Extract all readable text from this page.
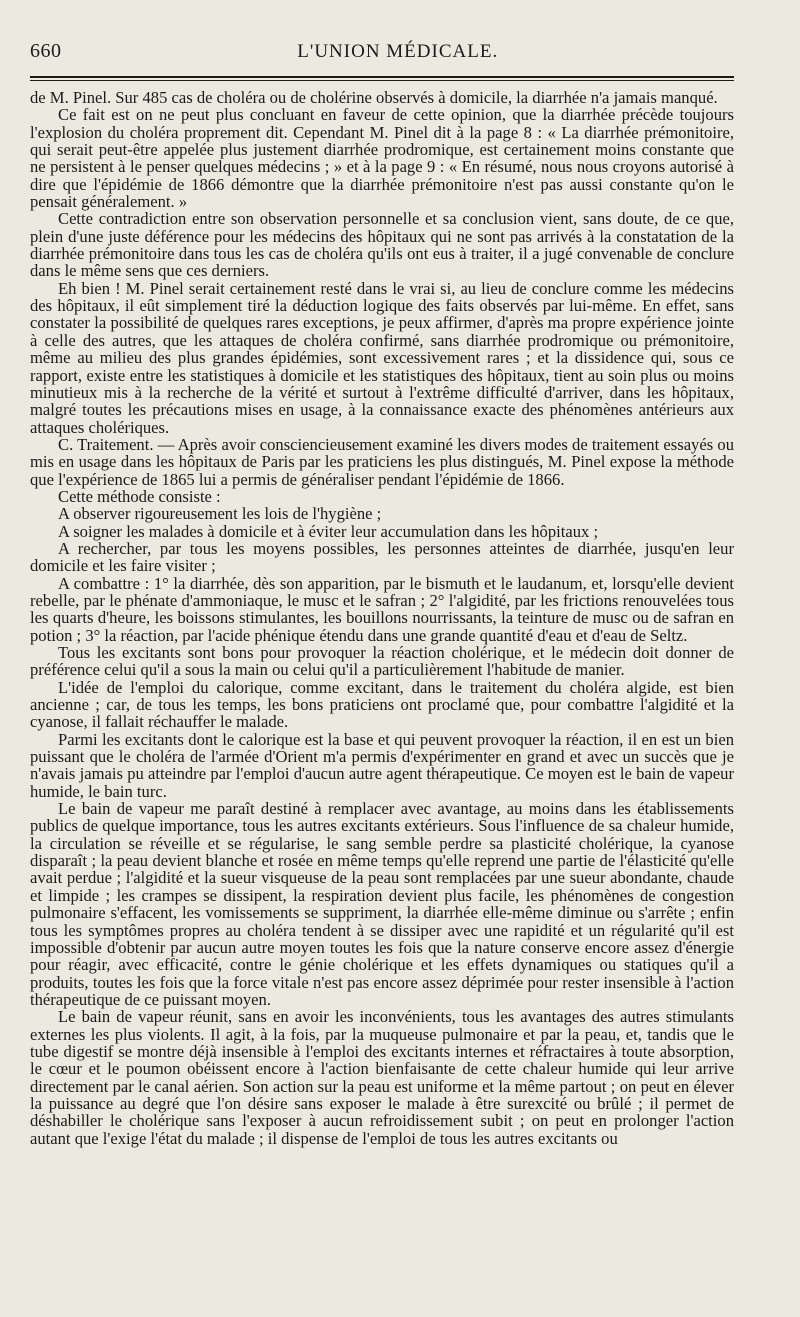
660	L'UNION MÉDICALE.

de M. Pinel. Sur 485 cas de choléra ou de cholérine observés à domicile, la diarrhée n'a jamais manqué.

Ce fait est on ne peut plus concluant en faveur de cette opinion, que la diarrhée précède toujours l'explosion du choléra proprement dit. Cependant M. Pinel dit à la page 8 : « La diarrhée prémonitoire, qui serait peut-être appelée plus justement diarrhée prodromique, est certainement moins constante que ne persistent à le penser quelques médecins ; » et à la page 9 : « En résumé, nous nous croyons autorisé à dire que l'épidémie de 1866 démontre que la diarrhée prémonitoire n'est pas aussi constante qu'on le pensait généralement. »

Cette contradiction entre son observation personnelle et sa conclusion vient, sans doute, de ce que, plein d'une juste déférence pour les médecins des hôpitaux qui ne sont pas arrivés à la constatation de la diarrhée prémonitoire dans tous les cas de choléra qu'ils ont eus à traiter, il a jugé convenable de conclure dans le même sens que ces derniers.

Eh bien ! M. Pinel serait certainement resté dans le vrai si, au lieu de conclure comme les médecins des hôpitaux, il eût simplement tiré la déduction logique des faits observés par lui-même. En effet, sans constater la possibilité de quelques rares exceptions, je peux affirmer, d'après ma propre expérience jointe à celle des autres, que les attaques de choléra confirmé, sans diarrhée prodromique ou prémonitoire, même au milieu des plus grandes épidémies, sont excessivement rares ; et la dissidence qui, sous ce rapport, existe entre les statistiques à domicile et les statistiques des hôpitaux, tient au soin plus ou moins minutieux mis à la recherche de la vérité et surtout à l'extrême difficulté d'arriver, dans les hôpitaux, malgré toutes les précautions mises en usage, à la connaissance exacte des phénomènes antérieurs aux attaques cholériques.

C. Traitement. — Après avoir consciencieusement examiné les divers modes de traitement essayés ou mis en usage dans les hôpitaux de Paris par les praticiens les plus distingués, M. Pinel expose la méthode que l'expérience de 1865 lui a permis de généraliser pendant l'épidémie de 1866.

Cette méthode consiste :

A observer rigoureusement les lois de l'hygiène ;

A soigner les malades à domicile et à éviter leur accumulation dans les hôpitaux ;

A rechercher, par tous les moyens possibles, les personnes atteintes de diarrhée, jusqu'en leur domicile et les faire visiter ;

A combattre : 1° la diarrhée, dès son apparition, par le bismuth et le laudanum, et, lorsqu'elle devient rebelle, par le phénate d'ammoniaque, le musc et le safran ; 2° l'algidité, par les frictions renouvelées tous les quarts d'heure, les boissons stimulantes, les bouillons nourrissants, la teinture de musc ou de safran en potion ; 3° la réaction, par l'acide phénique étendu dans une grande quantité d'eau et d'eau de Seltz.

Tous les excitants sont bons pour provoquer la réaction cholérique, et le médecin doit donner de préférence celui qu'il a sous la main ou celui qu'il a particulièrement l'habitude de manier.

L'idée de l'emploi du calorique, comme excitant, dans le traitement du choléra algide, est bien ancienne ; car, de tous les temps, les bons praticiens ont proclamé que, pour combattre l'algidité et la cyanose, il fallait réchauffer le malade.

Parmi les excitants dont le calorique est la base et qui peuvent provoquer la réaction, il en est un bien puissant que le choléra de l'armée d'Orient m'a permis d'expérimenter en grand et avec un succès que je n'avais jamais pu atteindre par l'emploi d'aucun autre agent thérapeutique. Ce moyen est le bain de vapeur humide, le bain turc.

Le bain de vapeur me paraît destiné à remplacer avec avantage, au moins dans les établissements publics de quelque importance, tous les autres excitants extérieurs. Sous l'influence de sa chaleur humide, la circulation se réveille et se régularise, le sang semble perdre sa plasticité cholérique, la cyanose disparaît ; la peau devient blanche et rosée en même temps qu'elle reprend une partie de l'élasticité qu'elle avait perdue ; l'algidité et la sueur visqueuse de la peau sont remplacées par une sueur abondante, chaude et limpide ; les crampes se dissipent, la respiration devient plus facile, les phénomènes de congestion pulmonaire s'effacent, les vomissements se suppriment, la diarrhée elle-même diminue ou s'arrête ; enfin tous les symptômes propres au choléra tendent à se dissiper avec une rapidité et un régularité qu'il est impossible d'obtenir par aucun autre moyen toutes les fois que la nature conserve encore assez d'énergie pour réagir, avec efficacité, contre le génie cholérique et les effets dynamiques ou statiques qu'il a produits, toutes les fois que la force vitale n'est pas encore assez déprimée pour rester insensible à l'action thérapeutique de ce puissant moyen.

Le bain de vapeur réunit, sans en avoir les inconvénients, tous les avantages des autres stimulants externes les plus violents. Il agit, à la fois, par la muqueuse pulmonaire et par la peau, et, tandis que le tube digestif se montre déjà insensible à l'emploi des excitants internes et réfractaires à toute absorption, le cœur et le poumon obéissent encore à l'action bienfaisante de cette chaleur humide qui leur arrive directement par le canal aérien. Son action sur la peau est uniforme et la même partout ; on peut en élever la puissance au degré que l'on désire sans exposer le malade à être surexcité ou brûlé ; il permet de déshabiller le cholérique sans l'exposer à aucun refroidissement subit ; on peut en prolonger l'action autant que l'exige l'état du malade ; il dispense de l'emploi de tous les autres excitants ou
